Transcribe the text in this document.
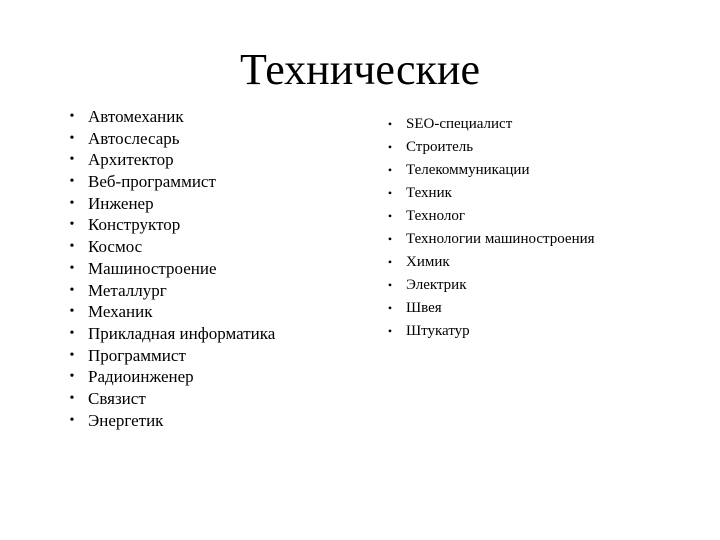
Технические
• Автомеханик
• Автослесарь
• Архитектор
• Веб-программист
• Инженер
• Конструктор
• Космос
• Машиностроение
• Металлург
• Механик
• Прикладная информатика
• Программист
• Радиоинженер
• Связист
• Энергетик
• SEO-специалист
• Строитель
• Телекоммуникации
• Техник
• Технолог
• Технологии машиностроения
• Химик
• Электрик
• Швея
• Штукатур
